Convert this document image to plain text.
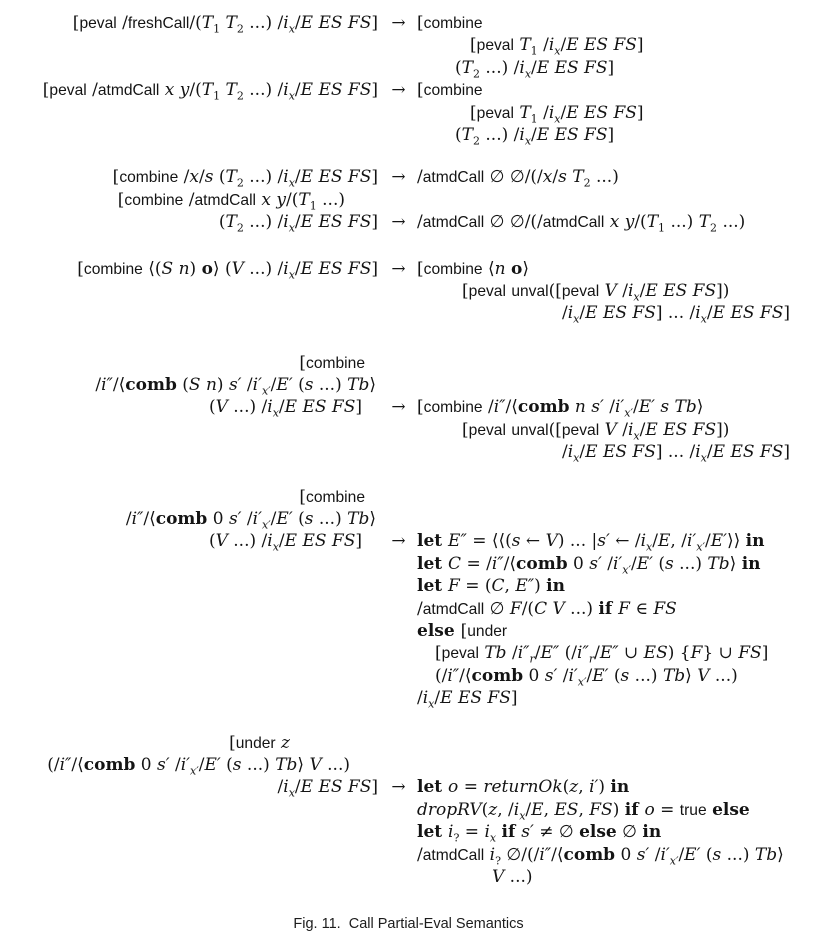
[peval $/freshCall/(T_1$ $T_2$ ...) $/i_x/E$ ES FS] → [combine
[peval $T_1$ $/i_x/E$ ES FS]
($T_2$ ...) $/i_x/E$ ES FS]
[peval /atmdCall x $y/(T_1$ $T_2$ ...) $/i_x/E$ ES FS] → [combine
[peval $T_1$ $/i_x/E$ ES FS]
($T_2$ ...) $/i_x/E$ ES FS]
[combine /x/s ($T_2$ ...) $/i_x/E$ ES FS] → /atmdCall ∅ ∅/(/x/s $T_2$ ...)
[combine /atmdCall x $y/(T_1$ ...)
($T_2$ ...) $/i_x/E$ ES FS] → /atmdCall ∅ ∅/(/atmdCall x $y/(T_1$ ...) $T_2$ ...)
[combine ⟨(S n) o⟩ (V ...) $/i_x/E$ ES FS] → [combine ⟨n o⟩
[peval unval([peval V $/i_x/E$ ES FS])
$/i_x/E$ ES FS] ... $/i_x/E$ ES FS]
[combine
/i″/⟨comb (S n) s′ $/i'_{x'}/E'$ (s ...) Tb⟩
(V ...) $/i_x/E$ ES FS]	→ [combine /i″/⟨comb n s′ $/i'_{x'}/E'$ s Tb⟩
[peval unval([peval V $/i_x/E$ ES FS])
$/i_x/E$ ES FS] ... $/i_x/E$ ES FS]
[combine
/i″/⟨comb 0 s′ $/i'_{x'}/E'$ (s ...) Tb⟩
(V ...) $/i_x/E$ ES FS]	→ let E″ = ⟨⟨(s ← V) ... |s′ ← $/i_x/E$, $/i'_{x'}/E'⟩⟩$ in
let C = /i″/⟨comb 0 s′ $/i'_{x'}/E'$ (s ...) Tb⟩ in
let F = (C, E″) in
/atmdCall ∅ F/(C V ...) if F ∈ FS
else [under
[peval Tb $/i''_r/E''$ ($/i''_r/E''$ ∪ ES) {F} ∪ FS]
(/i″/⟨comb 0 s′ $/i'_{x'}/E'$ (s ...) Tb⟩ V ...)
$/i_x/E$ ES FS]
[under z
(/i″/⟨comb 0 s′ $/i'_{x'}/E'$ (s ...) Tb⟩ V ...)
$/i_x/E$ ES FS] → let o = returnOk(z, i′) in
dropRV(z, $/i_x/E$, ES, FS) if o = true else
let $i_? = i_x$ if s′ ≠ ∅ else ∅ in
/atmdCall $i_?$ ∅/(/i″/⟨comb 0 s′ $/i'_{x'}/E'$ (s ...) Tb⟩
V ...)
Fig. 11.  Call Partial-Eval Semantics
